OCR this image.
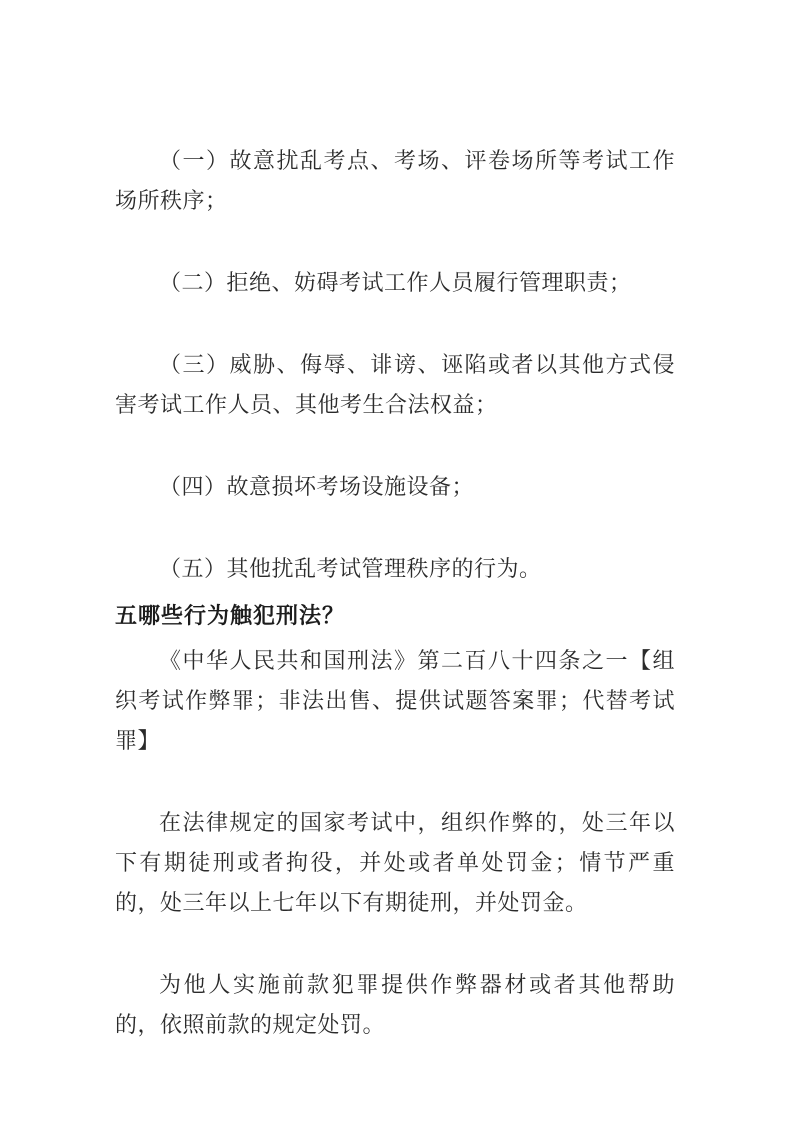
（一）故意扰乱考点、考场、评卷场所等考试工作场所秩序；

（二）拒绝、妨碍考试工作人员履行管理职责；

（三）威胁、侮辱、诽谤、诬陷或者以其他方式侵害考试工作人员、其他考生合法权益；

（四）故意损坏考场设施设备；

（五）其他扰乱考试管理秩序的行为。

五哪些行为触犯刑法？

《中华人民共和国刑法》第二百八十四条之一【组织考试作弊罪；非法出售、提供试题答案罪；代替考试罪】

在法律规定的国家考试中，组织作弊的，处三年以下有期徒刑或者拘役，并处或者单处罚金；情节严重的，处三年以上七年以下有期徒刑，并处罚金。

为他人实施前款犯罪提供作弊器材或者其他帮助的，依照前款的规定处罚。
